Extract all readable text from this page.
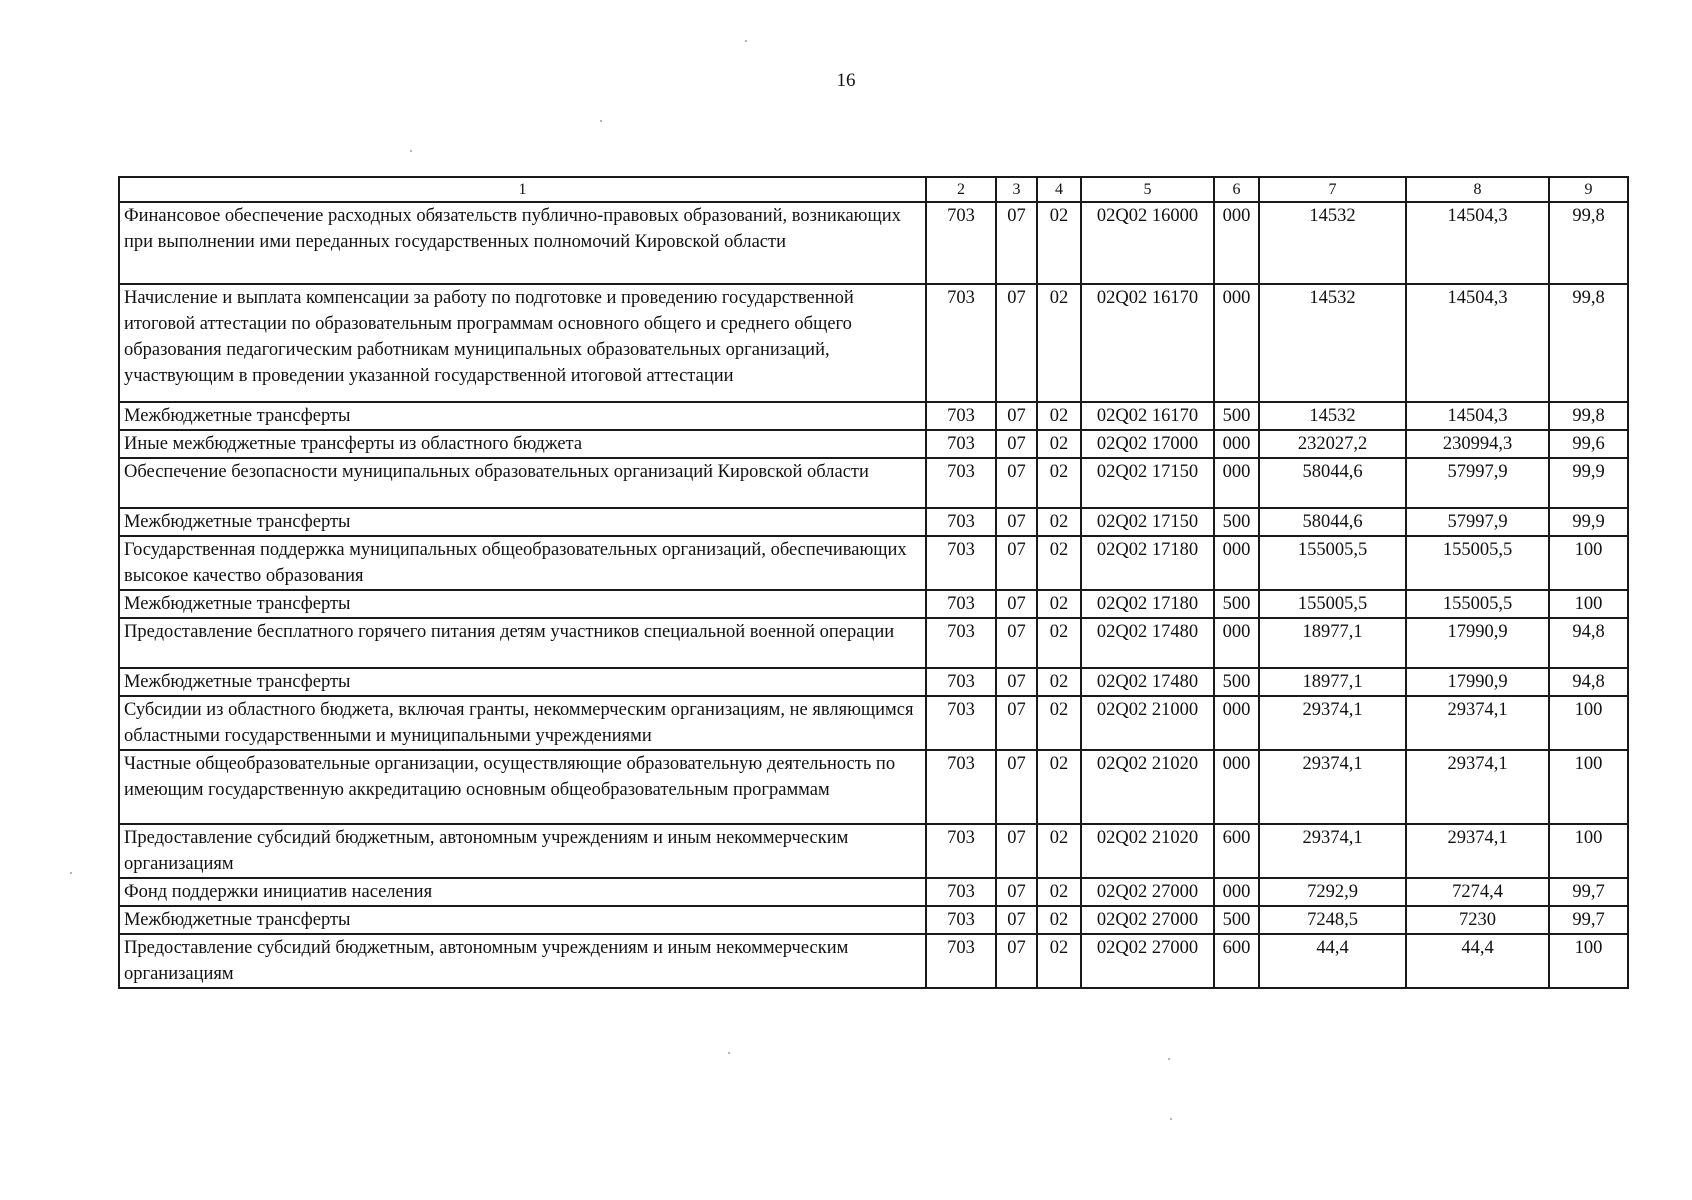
16
1	2	3	4	5	6	7	8	9
Финансовое обеспечение расходных обязательств публично-правовых образований, возникающих при выполнении ими переданных государственных полномочий Кировской области	703	07	02	02Q02 16000	000	14532	14504,3	99,8
Начисление и выплата компенсации за работу по подготовке и проведению государственной итоговой аттестации по образовательным программам основного общего и среднего общего образования педагогическим работникам муниципальных образовательных организаций, участвующим в проведении указанной государственной итоговой аттестации	703	07	02	02Q02 16170	000	14532	14504,3	99,8
Межбюджетные трансферты	703	07	02	02Q02 16170	500	14532	14504,3	99,8
Иные межбюджетные трансферты из областного бюджета	703	07	02	02Q02 17000	000	232027,2	230994,3	99,6
Обеспечение безопасности муниципальных образовательных организаций Кировской области	703	07	02	02Q02 17150	000	58044,6	57997,9	99,9
Межбюджетные трансферты	703	07	02	02Q02 17150	500	58044,6	57997,9	99,9
Государственная поддержка муниципальных общеобразовательных организаций, обеспечивающих высокое качество образования	703	07	02	02Q02 17180	000	155005,5	155005,5	100
Межбюджетные трансферты	703	07	02	02Q02 17180	500	155005,5	155005,5	100
Предоставление бесплатного горячего питания детям участников специальной военной операции	703	07	02	02Q02 17480	000	18977,1	17990,9	94,8
Межбюджетные трансферты	703	07	02	02Q02 17480	500	18977,1	17990,9	94,8
Субсидии из областного бюджета, включая гранты, некоммерческим организациям, не являющимся областными государственными и муниципальными учреждениями	703	07	02	02Q02 21000	000	29374,1	29374,1	100
Частные общеобразовательные организации, осуществляющие образовательную деятельность по имеющим государственную аккредитацию основным общеобразовательным программам	703	07	02	02Q02 21020	000	29374,1	29374,1	100
Предоставление субсидий бюджетным, автономным учреждениям и иным некоммерческим организациям	703	07	02	02Q02 21020	600	29374,1	29374,1	100
Фонд поддержки инициатив населения	703	07	02	02Q02 27000	000	7292,9	7274,4	99,7
Межбюджетные трансферты	703	07	02	02Q02 27000	500	7248,5	7230	99,7
Предоставление субсидий бюджетным, автономным учреждениям и иным некоммерческим организациям	703	07	02	02Q02 27000	600	44,4	44,4	100
